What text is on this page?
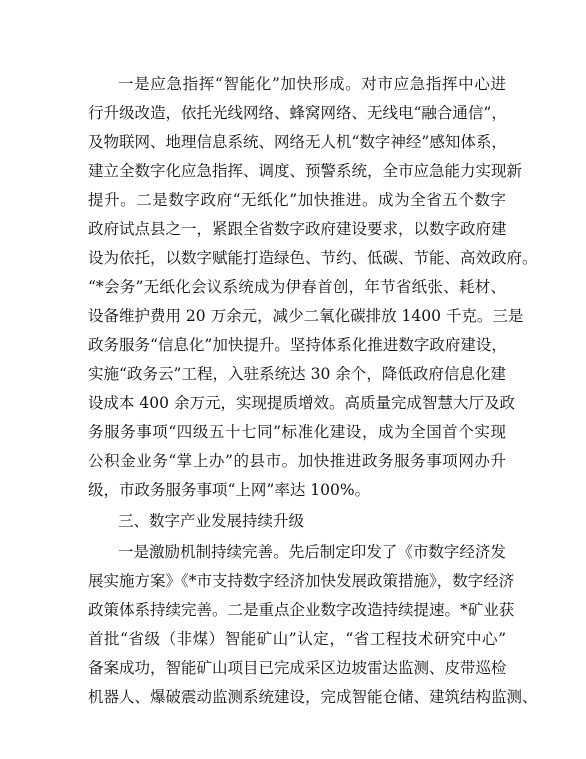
一是应急指挥“智能化”加快形成。对市应急指挥中心进
行升级改造，依托光线网络、蜂窝网络、无线电“融合通信”，
及物联网、地理信息系统、网络无人机“数字神经”感知体系，
建立全数字化应急指挥、调度、预警系统，全市应急能力实现新
提升。二是数字政府“无纸化”加快推进。成为全省五个数字
政府试点县之一，紧跟全省数字政府建设要求，以数字政府建
设为依托，以数字赋能打造绿色、节约、低碳、节能、高效政府。
“*会务”无纸化会议系统成为伊春首创，年节省纸张、耗材、
设备维护费用 20 万余元，减少二氧化碳排放 1400 千克。三是
政务服务“信息化”加快提升。坚持体系化推进数字政府建设，
实施“政务云”工程，入驻系统达 30 余个，降低政府信息化建
设成本 400 余万元，实现提质增效。高质量完成智慧大厅及政
务服务事项“四级五十七同”标准化建设，成为全国首个实现
公积金业务“掌上办”的县市。加快推进政务服务事项网办升
级，市政务服务事项“上网”率达 100%。
三、数字产业发展持续升级
一是激励机制持续完善。先后制定印发了《市数字经济发
展实施方案》《*市支持数字经济加快发展政策措施》，数字经济
政策体系持续完善。二是重点企业数字改造持续提速。*矿业获
首批“省级（非煤）智能矿山”认定，“省工程技术研究中心”
备案成功，智能矿山项目已完成采区边坡雷达监测、皮带巡检
机器人、爆破震动监测系统建设，完成智能仓储、建筑结构监测、
